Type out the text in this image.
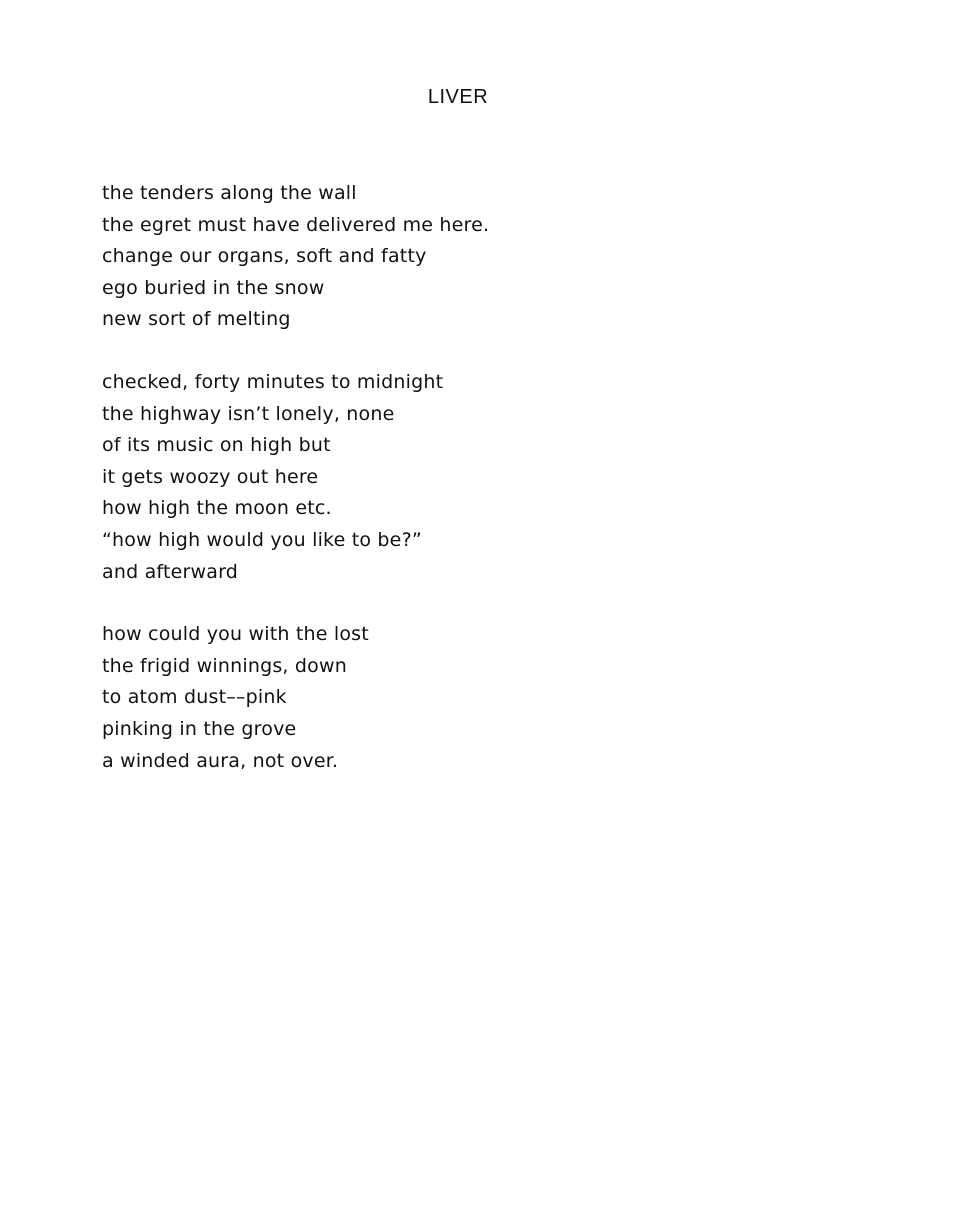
LIVER
the tenders along the wall
the egret must have delivered me here.
change our organs, soft and fatty
ego buried in the snow
new sort of melting
checked, forty minutes to midnight
the highway isn’t lonely, none
of its music on high but
it gets woozy out here
how high the moon etc.
“how high would you like to be?”
and afterward
how could you with the lost
the frigid winnings, down
to atom dust––pink
pinking in the grove
a winded aura, not over.
